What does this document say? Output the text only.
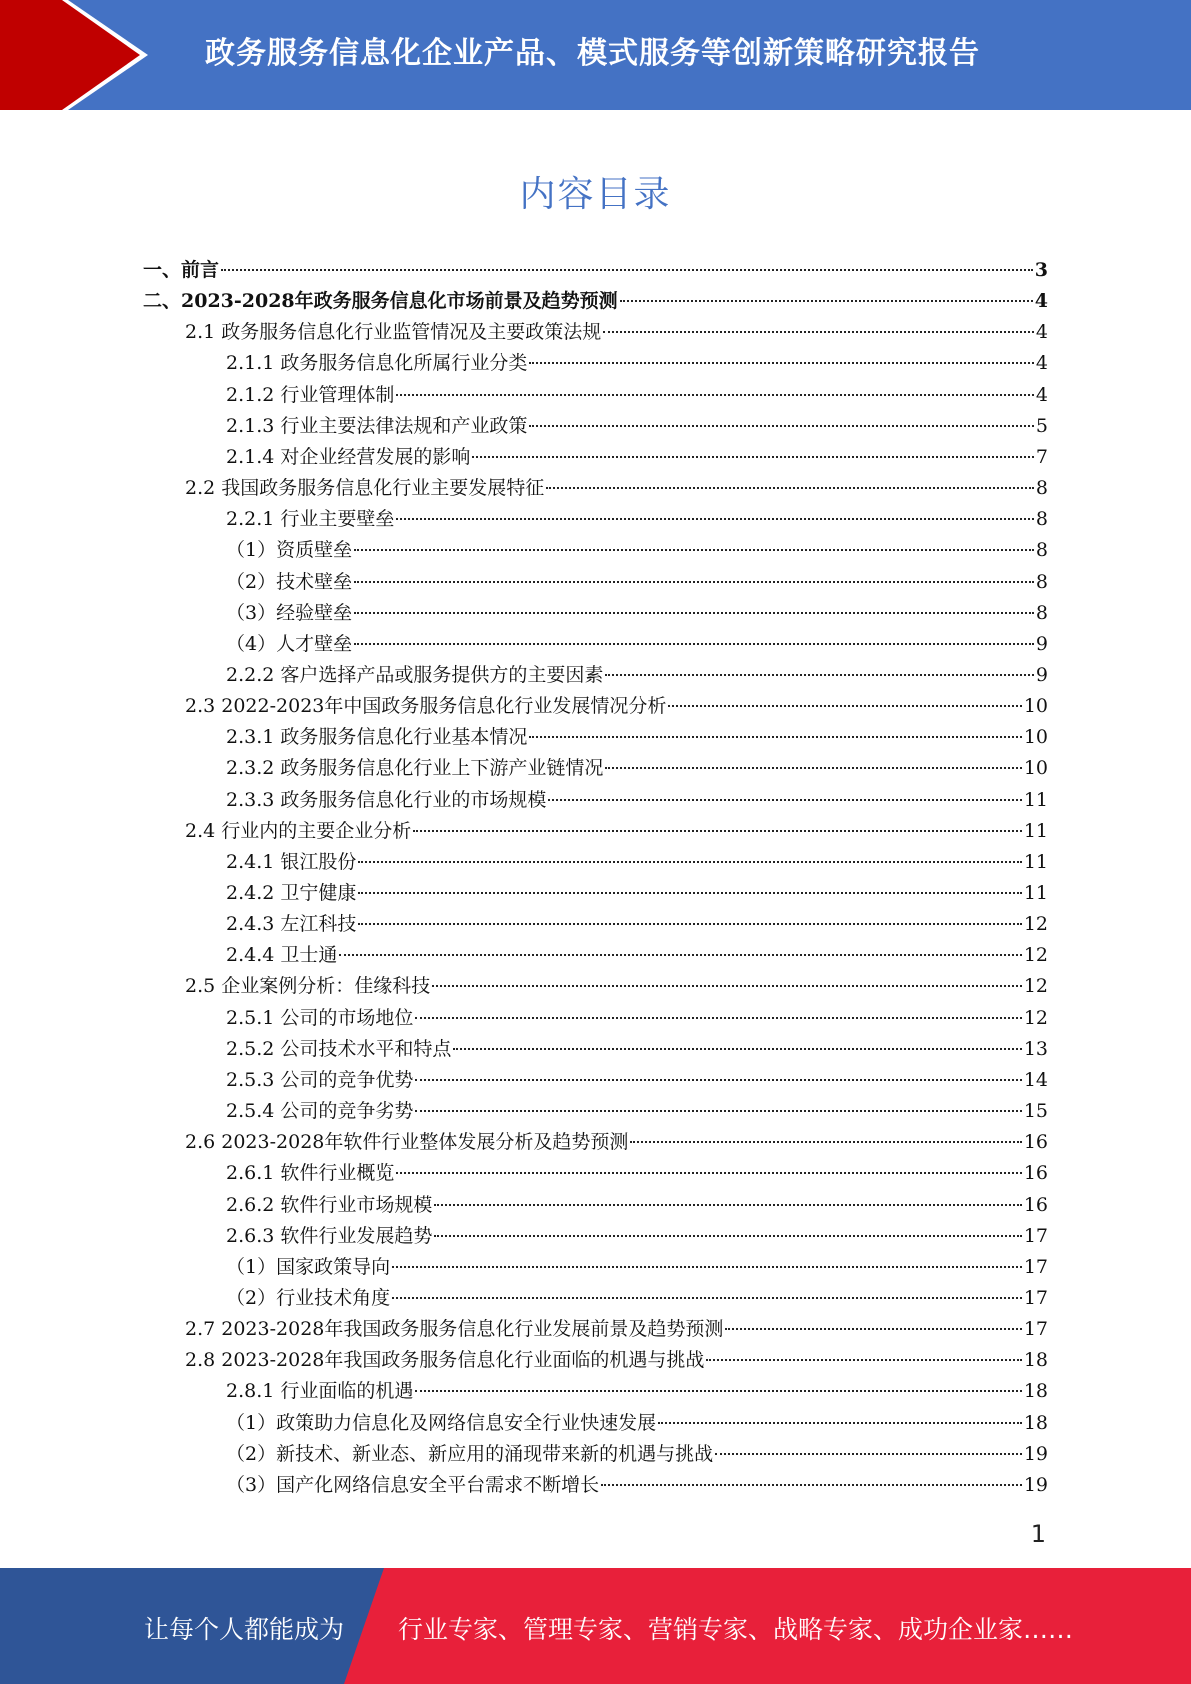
政务服务信息化企业产品、模式服务等创新策略研究报告
内容目录
一、前言	3
二、2023-2028年政务服务信息化市场前景及趋势预测	4
2.1 政务服务信息化行业监管情况及主要政策法规	4
2.1.1 政务服务信息化所属行业分类	4
2.1.2 行业管理体制	4
2.1.3 行业主要法律法规和产业政策	5
2.1.4 对企业经营发展的影响	7
2.2 我国政务服务信息化行业主要发展特征	8
2.2.1 行业主要壁垒	8
（1）资质壁垒	8
（2）技术壁垒	8
（3）经验壁垒	8
（4）人才壁垒	9
2.2.2 客户选择产品或服务提供方的主要因素	9
2.3 2022-2023年中国政务服务信息化行业发展情况分析	10
2.3.1 政务服务信息化行业基本情况	10
2.3.2 政务服务信息化行业上下游产业链情况	10
2.3.3 政务服务信息化行业的市场规模	11
2.4 行业内的主要企业分析	11
2.4.1 银江股份	11
2.4.2 卫宁健康	11
2.4.3 左江科技	12
2.4.4 卫士通	12
2.5 企业案例分析：佳缘科技	12
2.5.1 公司的市场地位	12
2.5.2 公司技术水平和特点	13
2.5.3 公司的竞争优势	14
2.5.4 公司的竞争劣势	15
2.6 2023-2028年软件行业整体发展分析及趋势预测	16
2.6.1 软件行业概览	16
2.6.2 软件行业市场规模	16
2.6.3 软件行业发展趋势	17
（1）国家政策导向	17
（2）行业技术角度	17
2.7 2023-2028年我国政务服务信息化行业发展前景及趋势预测	17
2.8 2023-2028年我国政务服务信息化行业面临的机遇与挑战	18
2.8.1 行业面临的机遇	18
（1）政策助力信息化及网络信息安全行业快速发展	18
（2）新技术、新业态、新应用的涌现带来新的机遇与挑战	19
（3）国产化网络信息安全平台需求不断增长	19
1
让每个人都能成为 行业专家、管理专家、营销专家、战略专家、成功企业家……
